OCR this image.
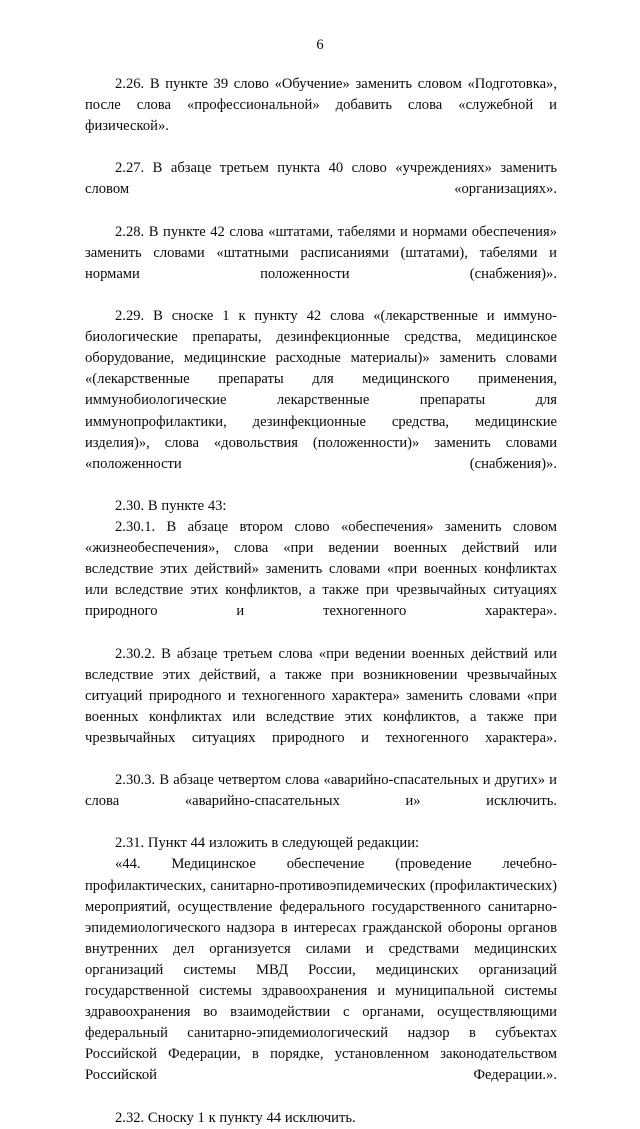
6

2.26. В пункте 39 слово «Обучение» заменить словом «Подготовка», после слова «профессиональной» добавить слова «служебной и физической».

2.27. В абзаце третьем пункта 40 слово «учреждениях» заменить словом «организациях».

2.28. В пункте 42 слова «штатами, табелями и нормами обеспечения» заменить словами «штатными расписаниями (штатами), табелями и нормами положенности (снабжения)».

2.29. В сноске 1 к пункту 42 слова «(лекарственные и иммуно-биологические препараты, дезинфекционные средства, медицинское оборудование, медицинские расходные материалы)» заменить словами «(лекарственные препараты для медицинского применения, иммунобиологические лекарственные препараты для иммунопрофилактики, дезинфекционные средства, медицинские изделия)», слова «довольствия (положенности)» заменить словами «положенности (снабжения)».

2.30. В пункте 43:

2.30.1. В абзаце втором слово «обеспечения» заменить словом «жизнеобеспечения», слова «при ведении военных действий или вследствие этих действий» заменить словами «при военных конфликтах или вследствие этих конфликтов, а также при чрезвычайных ситуациях природного и техногенного характера».

2.30.2. В абзаце третьем слова «при ведении военных действий или вследствие этих действий, а также при возникновении чрезвычайных ситуаций природного и техногенного характера» заменить словами «при военных конфликтах или вследствие этих конфликтов, а также при чрезвычайных ситуациях природного и техногенного характера».

2.30.3. В абзаце четвертом слова «аварийно-спасательных и других» и слова «аварийно-спасательных и» исключить.

2.31. Пункт 44 изложить в следующей редакции:

«44. Медицинское обеспечение (проведение лечебно-профилактических, санитарно-противоэпидемических (профилактических) мероприятий, осуществление федерального государственного санитарно-эпидемиологического надзора в интересах гражданской обороны органов внутренних дел организуется силами и средствами медицинских организаций системы МВД России, медицинских организаций государственной системы здравоохранения и муниципальной системы здравоохранения во взаимодействии с органами, осуществляющими федеральный санитарно-эпидемиологический надзор в субъектах Российской Федерации, в порядке, установленном законодательством Российской Федерации.».

2.32. Сноску 1 к пункту 44 исключить.
